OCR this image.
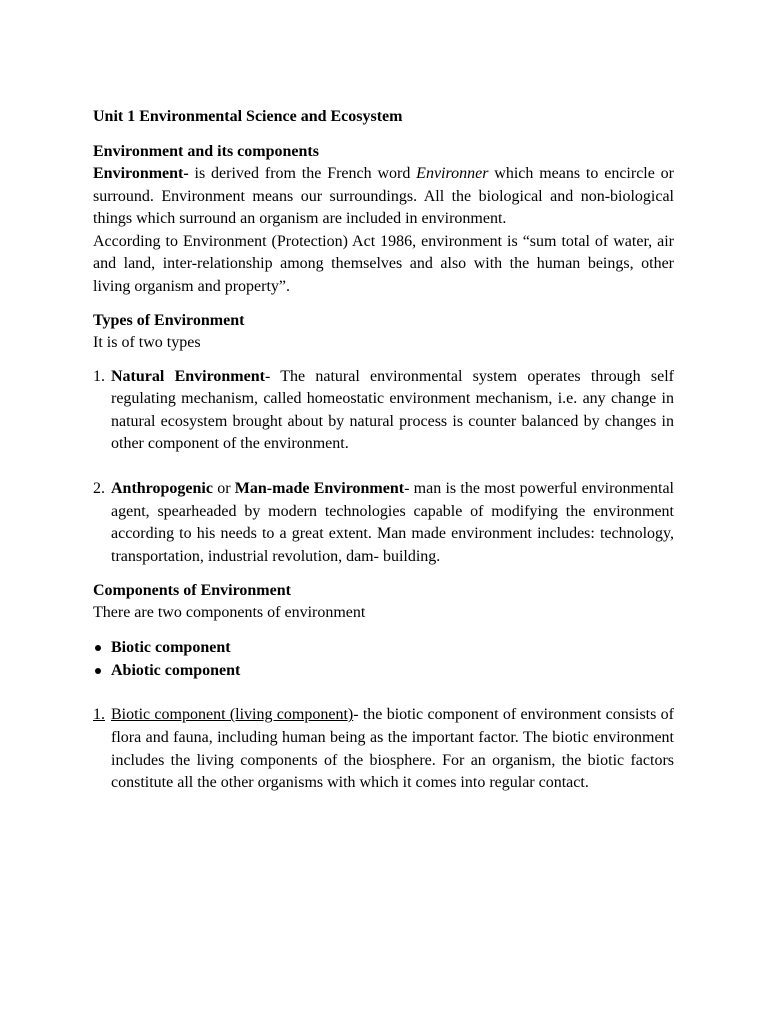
Unit 1 Environmental Science and Ecosystem

Environment and its components

Environment- is derived from the French word Environner which means to encircle or surround. Environment means our surroundings. All the biological and non-biological things which surround an organism are included in environment.

According to Environment (Protection) Act 1986, environment is “sum total of water, air and land, inter-relationship among themselves and also with the human beings, other living organism and property”.

Types of Environment

It is of two types

1. Natural Environment- The natural environmental system operates through self regulating mechanism, called homeostatic environment mechanism, i.e. any change in natural ecosystem brought about by natural process is counter balanced by changes in other component of the environment.
2. Anthropogenic or Man-made Environment- man is the most powerful environmental agent, spearheaded by modern technologies capable of modifying the environment according to his needs to a great extent. Man made environment includes: technology, transportation, industrial revolution, dam- building.

Components of Environment

There are two components of environment

Biotic component
Abiotic component
1. Biotic component (living component)- the biotic component of environment consists of flora and fauna, including human being as the important factor. The biotic environment includes the living components of the biosphere. For an organism, the biotic factors constitute all the other organisms with which it comes into regular contact.
